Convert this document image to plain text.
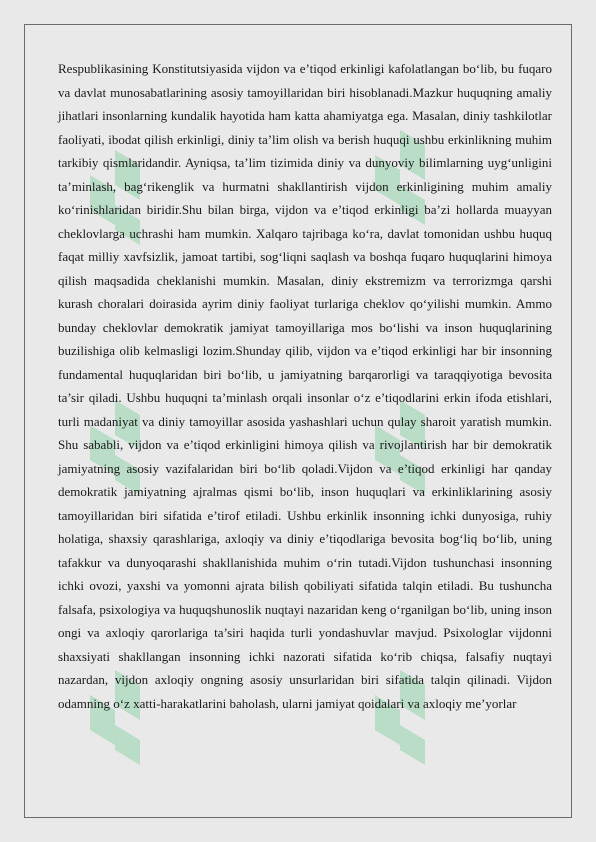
Respublikasining Konstitutsiyasida vijdon va e’tiqod erkinligi kafolatlangan bo‘lib, bu fuqaro va davlat munosabatlarining asosiy tamoyillaridan biri hisoblanadi.Mazkur huquqning amaliy jihatlari insonlarning kundalik hayotida ham katta ahamiyatga ega. Masalan, diniy tashkilotlar faoliyati, ibodat qilish erkinligi, diniy ta’lim olish va berish huquqi ushbu erkinlikning muhim tarkibiy qismlaridandir. Ayniqsa, ta’lim tizimida diniy va dunyoviy bilimlarning uyg‘unligini ta’minlash, bag‘rikenglik va hurmatni shakllantirish vijdon erkinligining muhim amaliy ko‘rinishlaridan biridir.Shu bilan birga, vijdon va e’tiqod erkinligi ba’zi hollarda muayyan cheklovlarga uchrashi ham mumkin. Xalqaro tajribaga ko‘ra, davlat tomonidan ushbu huquq faqat milliy xavfsizlik, jamoat tartibi, sog‘liqni saqlash va boshqa fuqaro huquqlarini himoya qilish maqsadida cheklanishi mumkin. Masalan, diniy ekstremizm va terrorizmga qarshi kurash choralari doirasida ayrim diniy faoliyat turlariga cheklov qo‘yilishi mumkin. Ammo bunday cheklovlar demokratik jamiyat tamoyillariga mos bo‘lishi va inson huquqlarining buzilishiga olib kelmasligi lozim.Shunday qilib, vijdon va e’tiqod erkinligi har bir insonning fundamental huquqlaridan biri bo‘lib, u jamiyatning barqarorligi va taraqqiyotiga bevosita ta’sir qiladi. Ushbu huquqni ta’minlash orqali insonlar o‘z e’tiqodlarini erkin ifoda etishlari, turli madaniyat va diniy tamoyillar asosida yashashlari uchun qulay sharoit yaratish mumkin. Shu sababli, vijdon va e’tiqod erkinligini himoya qilish va rivojlantirish har bir demokratik jamiyatning asosiy vazifalaridan biri bo‘lib qoladi.Vijdon va e’tiqod erkinligi har qanday demokratik jamiyatning ajralmas qismi bo‘lib, inson huquqlari va erkinliklarining asosiy tamoyillaridan biri sifatida e’tirof etiladi. Ushbu erkinlik insonning ichki dunyosiga, ruhiy holatiga, shaxsiy qarashlariga, axloqiy va diniy e’tiqodlariga bevosita bog‘liq bo‘lib, uning tafakkur va dunyoqarashi shakllanishida muhim o‘rin tutadi.Vijdon tushunchasi insonning ichki ovozi, yaxshi va yomonni ajrata bilish qobiliyati sifatida talqin etiladi. Bu tushuncha falsafa, psixologiya va huquqshunoslik nuqtayi nazaridan keng o‘rganilgan bo‘lib, uning inson ongi va axloqiy qarorlariga ta’siri haqida turli yondashuvlar mavjud. Psixologlar vijdonni shaxsiyati shakllangan insonning ichki nazorati sifatida ko‘rib chiqsa, falsafiy nuqtayi nazardan, vijdon axloqiy ongning asosiy unsurlaridan biri sifatida talqin qilinadi. Vijdon odamning o‘z xatti-harakatlarini baholash, ularni jamiyat qoidalari va axloqiy me’yorlar
